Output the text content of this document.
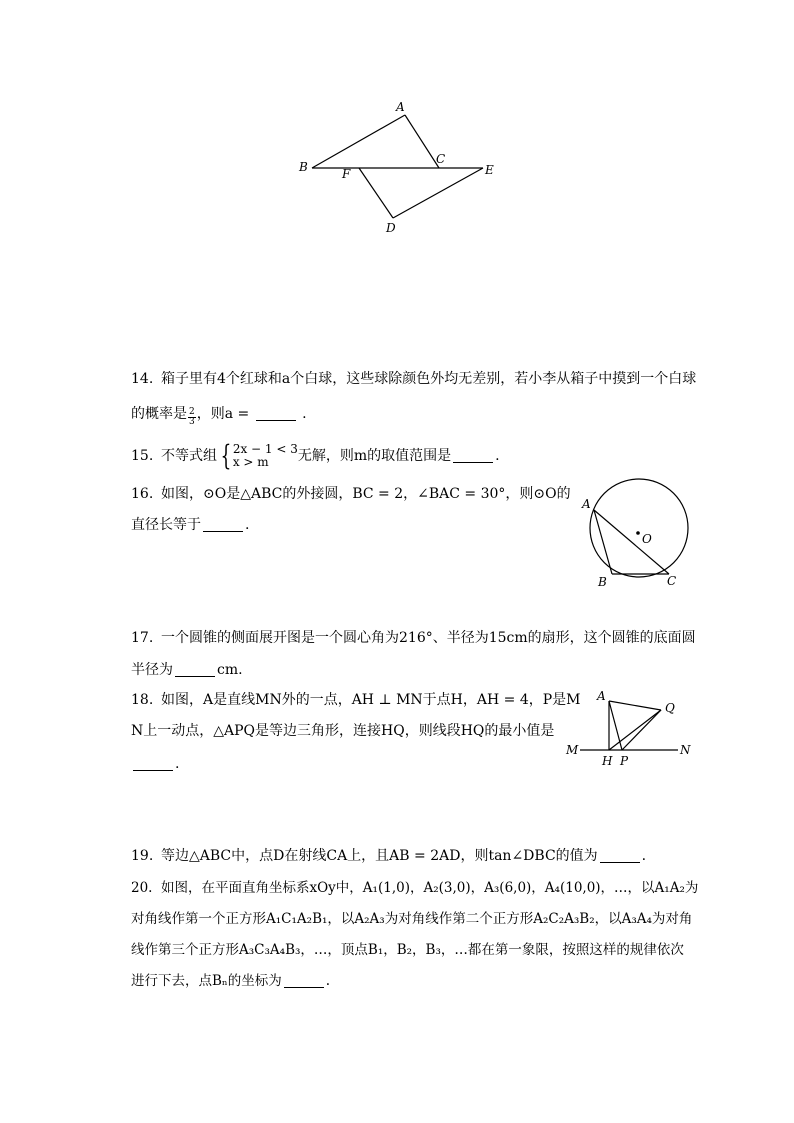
A
B
C
D
E
F
14. 箱子里有4个红球和a个白球，这些球除颜色外均无差别，若小李从箱子中摸到一个白球
的概率是 $\frac{2}{3}$ ，则a =	.
15. 不等式组 { 2x − 1 < 3
x > m	无解，则m的取值范围是	.
16. 如图，⊙O是△ABC的外接圆，BC = 2，∠BAC = 30°，则⊙O的
直径长等于	.
A
B	C
O
17. 一个圆锥的侧面展开图是一个圆心角为216°、半径为15cm的扇形，这个圆锥的底面圆
半径为	cm.
18. 如图，A是直线MN外的一点，AH ⊥ MN于点H，AH = 4，P是M
N上一动点，△APQ是等边三角形，连接HQ，则线段HQ的最小值是
.
A
Q
M	N
H P
19. 等边△ABC中，点D在射线CA上，且AB = 2AD，则tan∠DBC的值为	.
20. 如图，在平面直角坐标系xOy中，A₁(1,0)，A₂(3,0)，A₃(6,0)，A₄(10,0)，…，以A₁A₂为
对角线作第一个正方形A₁C₁A₂B₁，以A₂A₃为对角线作第二个正方形A₂C₂A₃B₂，以A₃A₄为对角
线作第三个正方形A₃C₃A₄B₃，…，顶点B₁，B₂，B₃，…都在第一象限，按照这样的规律依次
进行下去，点Bₙ的坐标为	.
